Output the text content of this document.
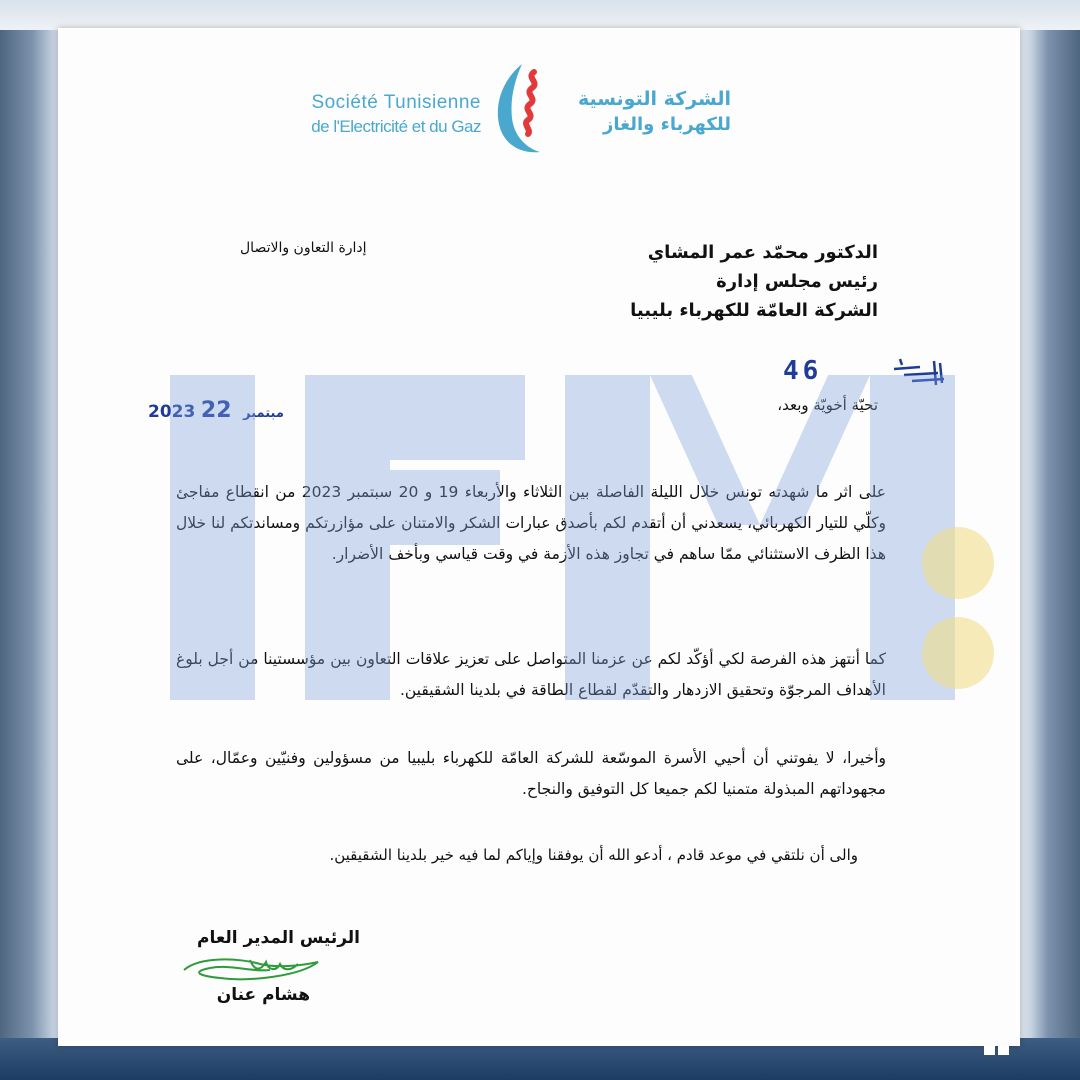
Société Tunisienne
de l'Electricité et du Gaz
الشركة التونسية
للكهرباء والغاز
الدكتور محمّد عمر المشاي
رئيس مجلس إدارة
الشركة العامّة للكهرباء بليبيا
إدارة التعاون والاتصال
46
2023	مبتمبر 22	تحيّة أخويّة وبعد،
على اثر ما شهدته تونس خلال الليلة الفاصلة بين الثلاثاء والأربعاء 19 و 20 سبتمبر 2023 من انقطاع مفاجئ وكلّي للتيار الكهربائي، يسعدني أن أتقدم لكم بأصدق عبارات الشكر والامتنان على مؤازرتكم ومساندتكم لنا خلال هذا الظرف الاستثنائي ممّا ساهم في تجاوز هذه الأزمة في وقت قياسي وبأخف الأضرار.
كما أنتهز هذه الفرصة لكي أؤكّد لكم عن عزمنا المتواصل على تعزيز علاقات التعاون بين مؤسستينا من أجل بلوغ الأهداف المرجوّة وتحقيق الازدهار والتقدّم لقطاع الطاقة في بلدينا الشقيقين.
وأخيرا، لا يفوتني أن أحيي الأسرة الموسّعة للشركة العامّة للكهرباء بليبيا من مسؤولين وفنيّين وعمّال، على مجهوداتهم المبذولة متمنيا لكم جميعا كل التوفيق والنجاح.
والى أن نلتقي في موعد قادم ، أدعو الله أن يوفقنا وإياكم لما فيه خير بلدينا الشقيقين.
الرئيس المدير العام
هشام عنان
